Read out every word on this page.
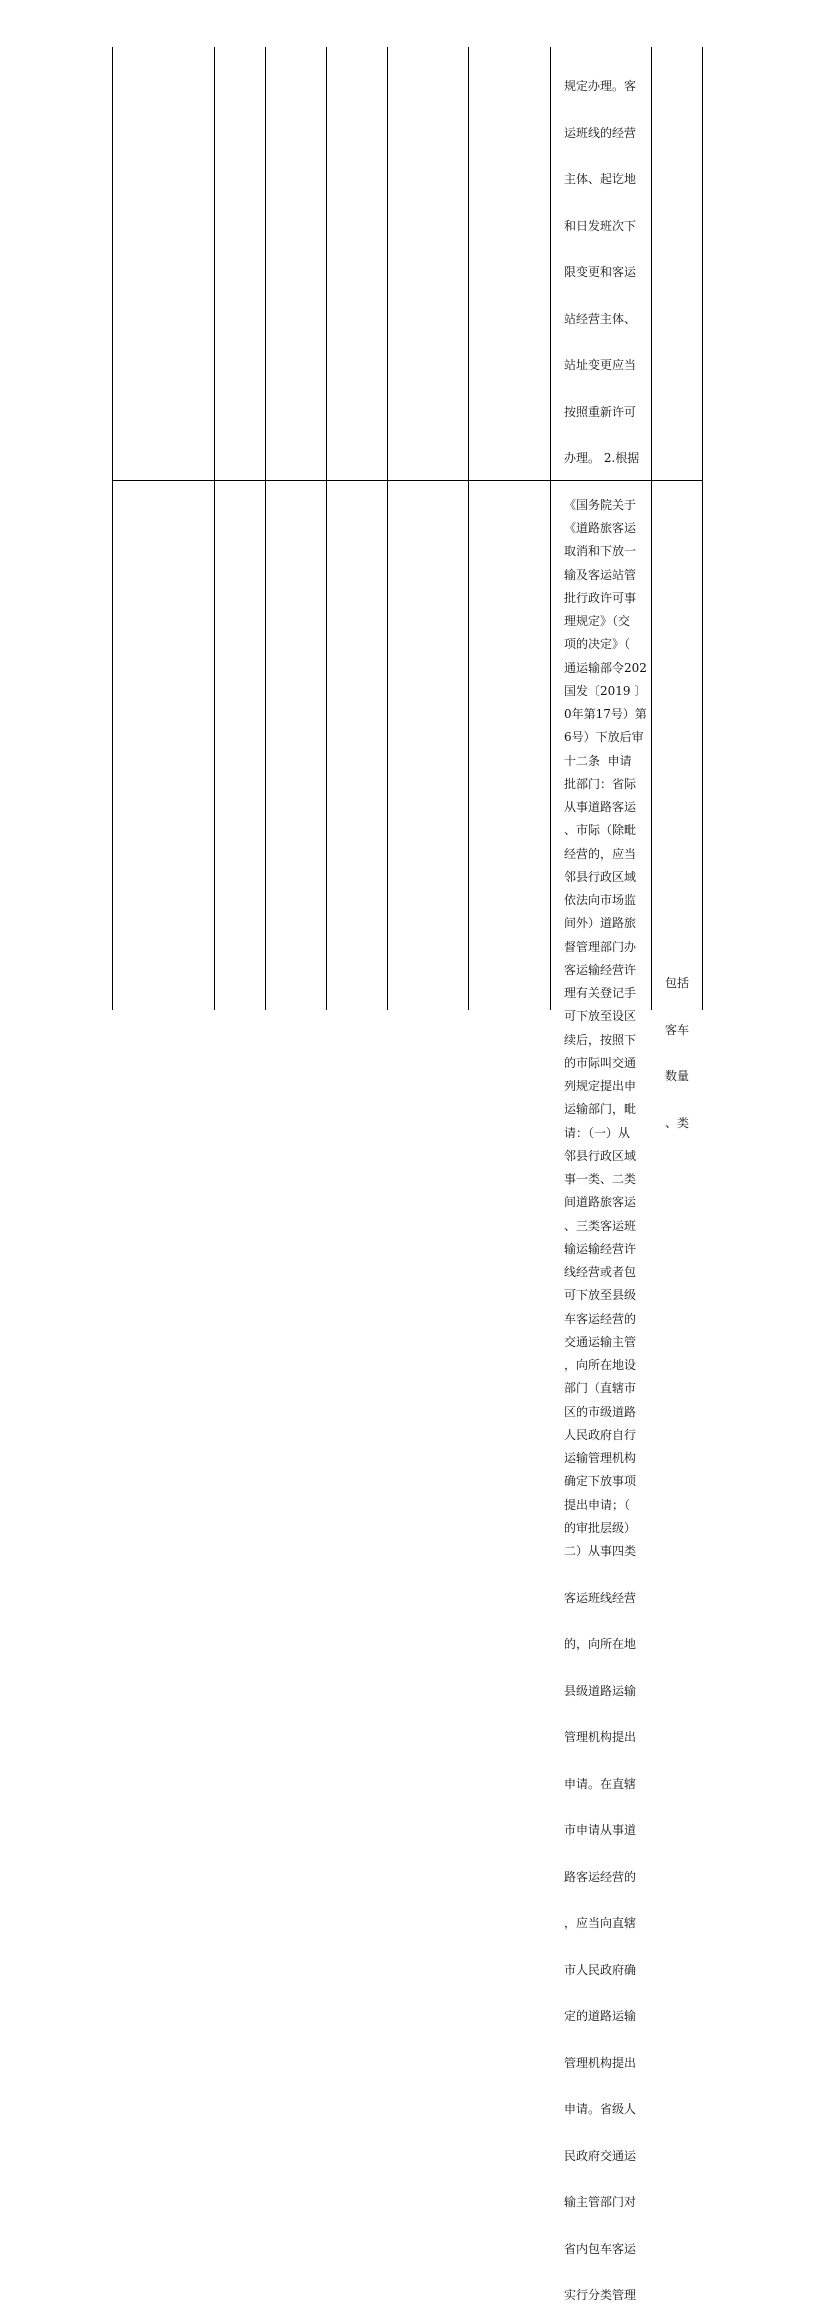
规定办理。客

运班线的经营

主体、起讫地

和日发班次下

限变更和客运

站经营主体、

站址变更应当

按照重新许可

办理。 2.根据

《国务院关于

取消和下放一

批行政许可事

项的决定》（

国发〔2019 〕

6号）下放后审

批部门：省际

、市际（除毗

邻县行政区域

间外）道路旅

客运输经营许

可下放至设区

的市际叫交通

运输部门，毗

邻县行政区域

间道路旅客运

输运输经营许

可下放至县级

交通运输主管

部门（直辖市

人民政府自行

确定下放事项

的审批层级）

《道路旅客运

输及客运站管

理规定》（交

通运输部令202

0年第17号）第

十二条  申请

从事道路客运

经营的，应当

依法向市场监

督管理部门办

理有关登记手

续后，按照下

列规定提出申

请：（一）从

事一类、二类

、三类客运班

线经营或者包

车客运经营的

，向所在地设

区的市级道路

运输管理机构

提出申请；（

二）从事四类

客运班线经营

的，向所在地

县级道路运输

管理机构提出

申请。在直辖

市申请从事道

路客运经营的

，应当向直辖

市人民政府确

定的道路运输

管理机构提出

申请。省级人

民政府交通运

输主管部门对

省内包车客运

实行分类管理

包括

客车

数量

、类
